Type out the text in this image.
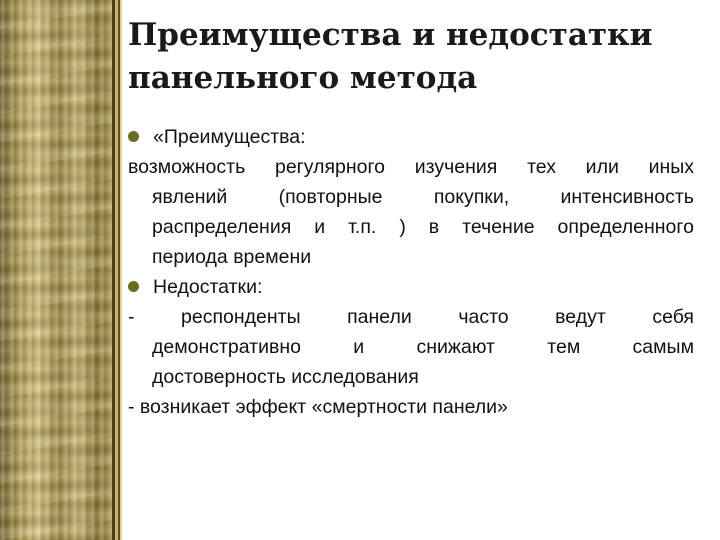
Преимущества и недостатки
панельного метода
«Преимущества:
возможность регулярного изучения тех или иных
явлений	(повторные	покупки,	интенсивность
распределения и т.п. ) в течение определенного
периода времени
Недостатки:
- респонденты панели часто ведут себя
демонстративно	и	снижают	тем	самым
достоверность исследования
- возникает эффект «смертности панели»
